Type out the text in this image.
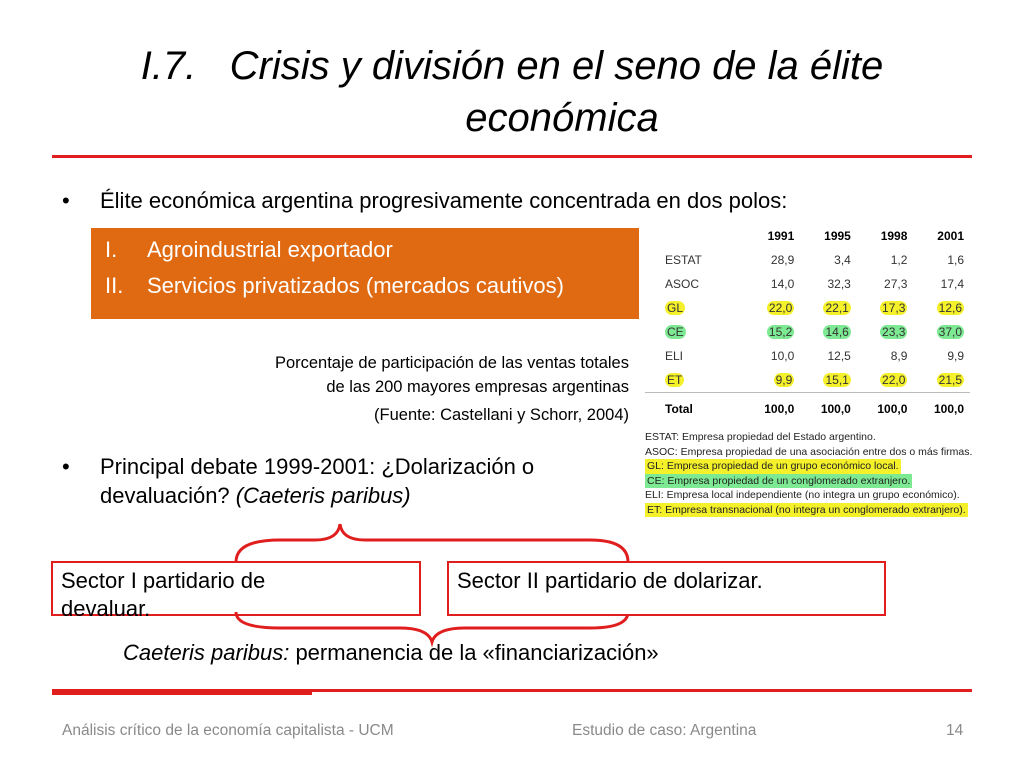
I.7. Crisis y división en el seno de la élite
económica
• Élite económica argentina progresivamente concentrada en dos polos:
I. Agroindustrial exportador
II. Servicios privatizados (mercados cautivos)
Porcentaje de participación de las ventas totales
de las 200 mayores empresas argentinas
(Fuente: Castellani y Schorr, 2004)
	1991	1995	1998	2001
ESTAT	28,9	3,4	1,2	1,6
ASOC	14,0	32,3	27,3	17,4
GL	22,0	22,1	17,3	12,6
CE	15,2	14,6	23,3	37,0
ELI	10,0	12,5	8,9	9,9
ET	9,9	15,1	22,0	21,5

Total	100,0	100,0	100,0	100,0
ESTAT: Empresa propiedad del Estado argentino.
ASOC: Empresa propiedad de una asociación entre dos o más firmas.
GL: Empresa propiedad de un grupo económico local.
CE: Empresa propiedad de un conglomerado extranjero.
ELI: Empresa local independiente (no integra un grupo económico).
ET: Empresa transnacional (no integra un conglomerado extranjero).
• Principal debate 1999-2001: ¿Dolarización o devaluación? (Caeteris paribus)
Sector I partidario de devaluar.
Sector II partidario de dolarizar.
Caeteris paribus: permanencia de la «financiarización»
Análisis crítico de la economía capitalista - UCM	Estudio de caso: Argentina	14
